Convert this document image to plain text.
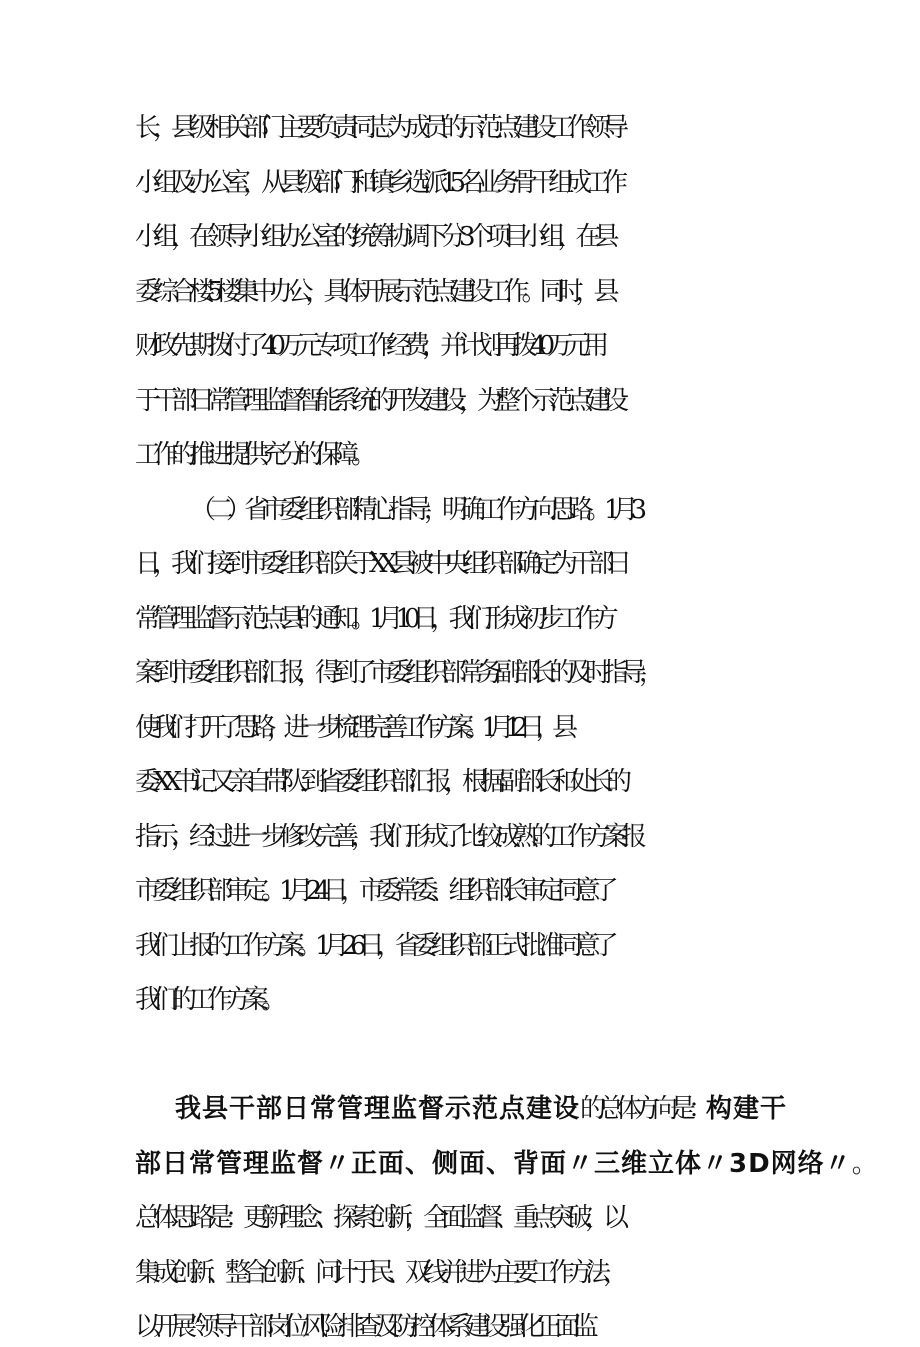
长，县级相关部门主要负责同志为成员的示范点建设工作领导
小组及办公室，从县级部门和镇乡选派15名业务骨干组成工作
小组，在领导小组办公室的统筹协调下分3个项目小组，在县
委综合楼5楼集中办公，具体开展示范点建设工作。同时，县
财政先期拨付了40万元专项工作经费，并计划再拨40万元用
于干部日常管理监督智能系统的开发建设，为整个示范点建设
工作的推进提供充分的保障。
（二）省市委组织部精心指导，明确工作方向思路。1月3
日，我们接到市委组织部关于XX县被中央组织部确定为干部日
常管理监督示范点县的通知。1月10日，我们形成初步工作方
案到市委组织部汇报，得到了市委组织部常务副部长的及时指导，
使我们打开了思路，进一步梳理完善工作方案。1月12日，县
委XX书记又亲自带队到省委组织部汇报，根据副部长和处长的
指示，经过进一步修改完善，我们形成了比较成熟的工作方案报
市委组织部审定。1月24日，市委常委、组织部长审定同意了
我们上报的工作方案。1月26日，省委组织部正式批准同意了
我们的工作方案。
我县干部日常管理监督示范点建设的总体方向是：构建干
部日常管理监督〃正面、侧面、背面〃三维立体〃3D网络〃。
总体思路是：更新理念、探索创新，全面监督、重点突破，以
集成创新、整合创新、问计于民、双线并进为主要工作方法，
以开展“领导干部岗位风险排查及防控体系建设强化‘正面’监
